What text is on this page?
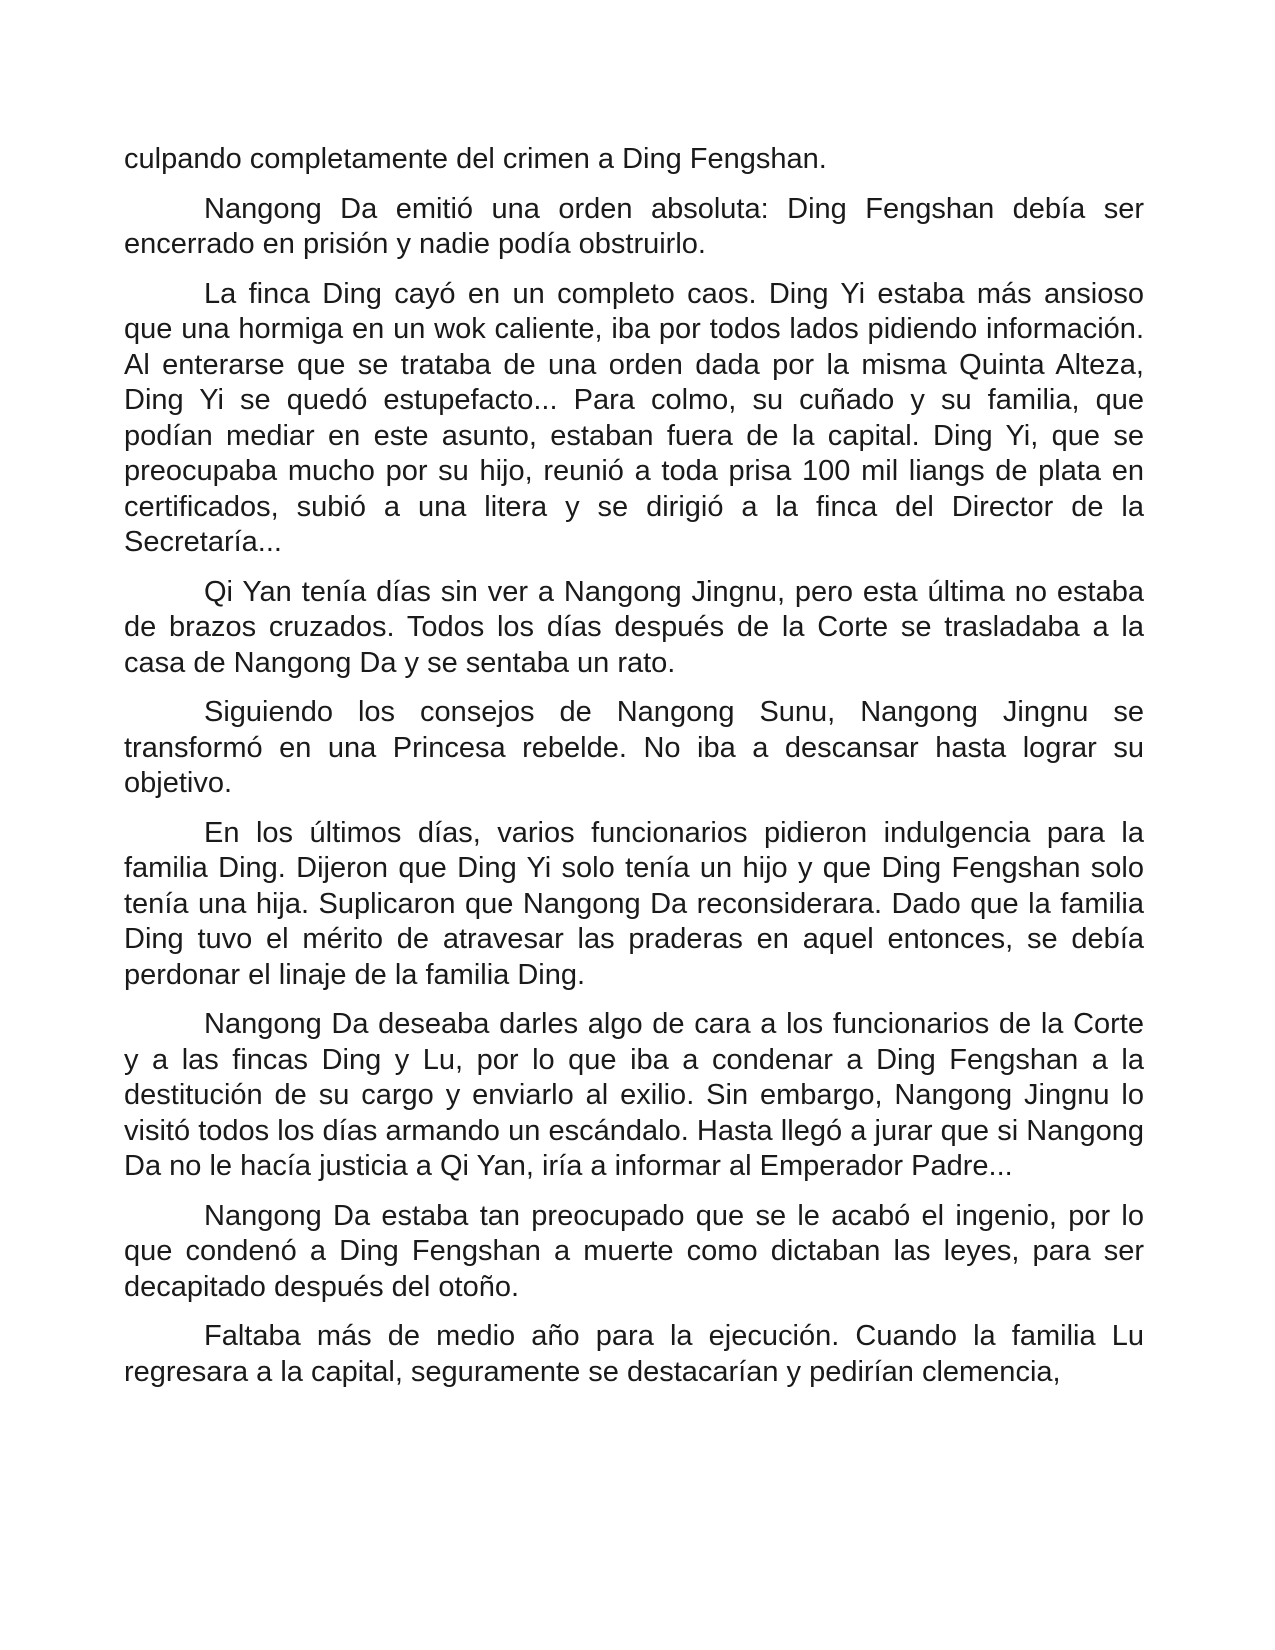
culpando completamente del crimen a Ding Fengshan.

Nangong Da emitió una orden absoluta: Ding Fengshan debía ser encerrado en prisión y nadie podía obstruirlo.

La finca Ding cayó en un completo caos. Ding Yi estaba más ansioso que una hormiga en un wok caliente, iba por todos lados pidiendo información. Al enterarse que se trataba de una orden dada por la misma Quinta Alteza, Ding Yi se quedó estupefacto... Para colmo, su cuñado y su familia, que podían mediar en este asunto, estaban fuera de la capital. Ding Yi, que se preocupaba mucho por su hijo, reunió a toda prisa 100 mil liangs de plata en certificados, subió a una litera y se dirigió a la finca del Director de la Secretaría...

Qi Yan tenía días sin ver a Nangong Jingnu, pero esta última no estaba de brazos cruzados. Todos los días después de la Corte se trasladaba a la casa de Nangong Da y se sentaba un rato.

Siguiendo los consejos de Nangong Sunu, Nangong Jingnu se transformó en una Princesa rebelde. No iba a descansar hasta lograr su objetivo.

En los últimos días, varios funcionarios pidieron indulgencia para la familia Ding. Dijeron que Ding Yi solo tenía un hijo y que Ding Fengshan solo tenía una hija. Suplicaron que Nangong Da reconsiderara. Dado que la familia Ding tuvo el mérito de atravesar las praderas en aquel entonces, se debía perdonar el linaje de la familia Ding.

Nangong Da deseaba darles algo de cara a los funcionarios de la Corte y a las fincas Ding y Lu, por lo que iba a condenar a Ding Fengshan a la destitución de su cargo y enviarlo al exilio. Sin embargo, Nangong Jingnu lo visitó todos los días armando un escándalo. Hasta llegó a jurar que si Nangong Da no le hacía justicia a Qi Yan, iría a informar al Emperador Padre...

Nangong Da estaba tan preocupado que se le acabó el ingenio, por lo que condenó a Ding Fengshan a muerte como dictaban las leyes, para ser decapitado después del otoño.

Faltaba más de medio año para la ejecución. Cuando la familia Lu regresara a la capital, seguramente se destacarían y pedirían clemencia,
